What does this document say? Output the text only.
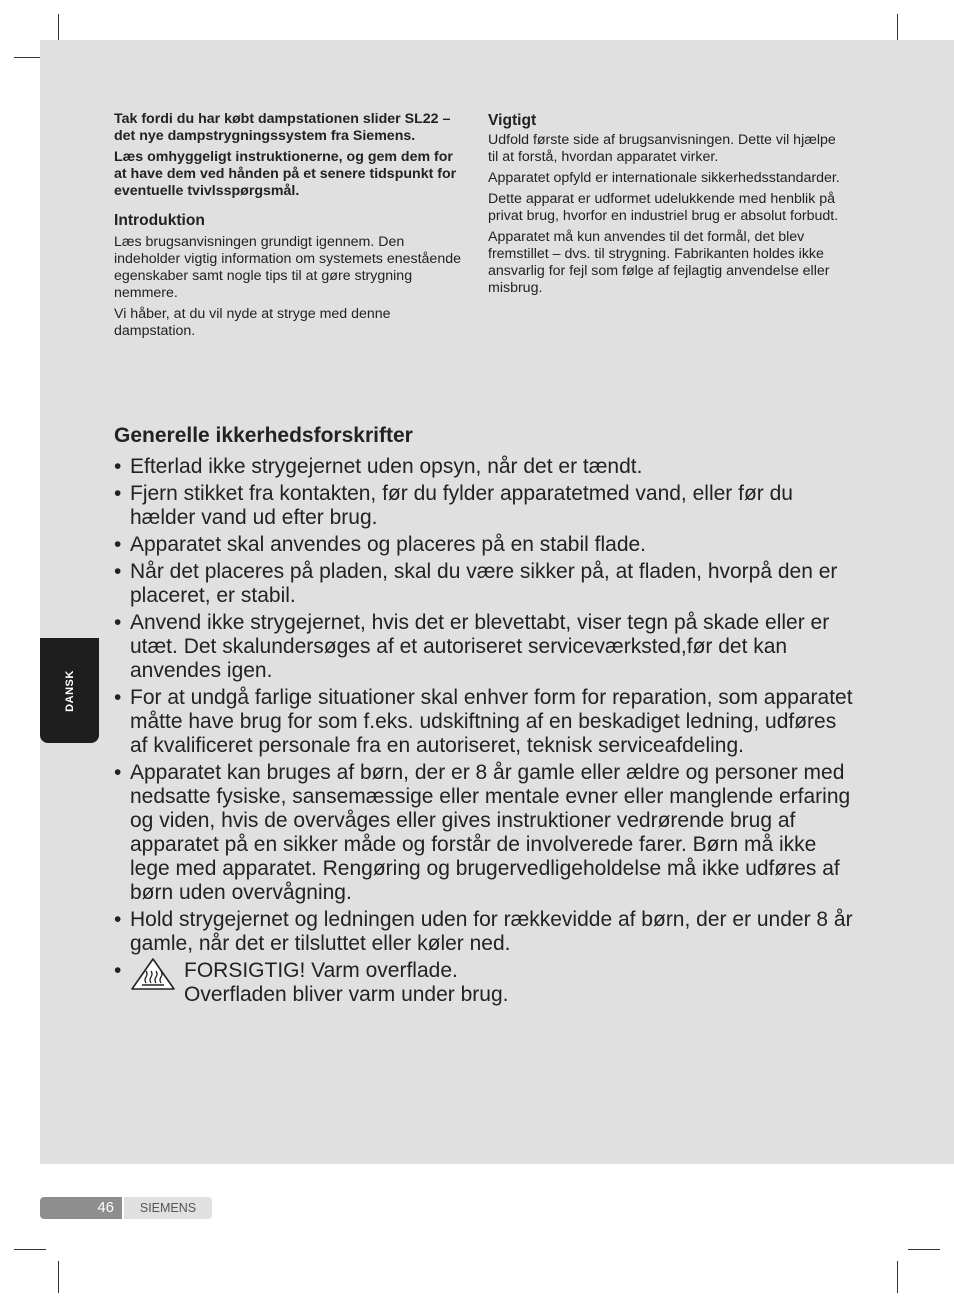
Tak fordi du har købt dampstationen slider SL22 – det nye dampstrygningssystem fra Siemens.

Læs omhyggeligt instruktionerne, og gem dem for at have dem ved hånden på et senere tidspunkt for eventuelle tvivlsspørgsmål.

Introduktion

Læs brugsanvisningen grundigt igennem. Den indeholder vigtig information om systemets enestående egenskaber samt nogle tips til at gøre strygning nemmere.

Vi håber, at du vil nyde at stryge med denne dampstation.

Vigtigt

Udfold første side af brugsanvisningen. Dette vil hjælpe til at forstå, hvordan apparatet virker.

Apparatet opfyld er internationale sikkerhedsstandarder.

Dette apparat er udformet udelukkende med henblik på privat brug, hvorfor en industriel brug er absolut forbudt.

Apparatet må kun anvendes til det formål, det blev fremstillet – dvs. til strygning. Fabrikanten holdes ikke ansvarlig for fejl som følge af fejlagtig anvendelse eller misbrug.

Generelle ikkerhedsforskrifter
• Efterlad ikke strygejernet uden opsyn, når det er tændt.
• Fjern stikket fra kontakten, før du fylder apparatetmed vand, eller før du hælder vand ud efter brug.
• Apparatet skal anvendes og placeres på en stabil flade.
• Når det placeres på pladen, skal du være sikker på, at fladen, hvorpå den er placeret, er stabil.
• Anvend ikke strygejernet, hvis det er blevettabt, viser tegn på skade eller er utæt. Det skalundersøges af et autoriseret serviceværksted,før det kan anvendes igen.
• For at undgå farlige situationer skal enhver form for reparation, som apparatet måtte have brug for som f.eks. udskiftning af en beskadiget ledning, udføres af kvalificeret personale fra en autoriseret, teknisk serviceafdeling.
• Apparatet kan bruges af børn, der er 8 år gamle eller ældre og personer med nedsatte fysiske, sansemæssige eller mentale evner eller manglende erfaring og viden, hvis de overvåges eller gives instruktioner vedrørende brug af apparatet på en sikker måde og forstår de involverede farer. Børn må ikke lege med apparatet. Rengøring og brugervedligeholdelse må ikke udføres af børn uden overvågning.
• Hold strygejernet og ledningen uden for rækkevidde af børn, der er under 8 år gamle, når det er tilsluttet eller køler ned.
• FORSIGTIG! Varm overflade.
Overfladen bliver varm under brug.
DANSK
46	SIEMENS
